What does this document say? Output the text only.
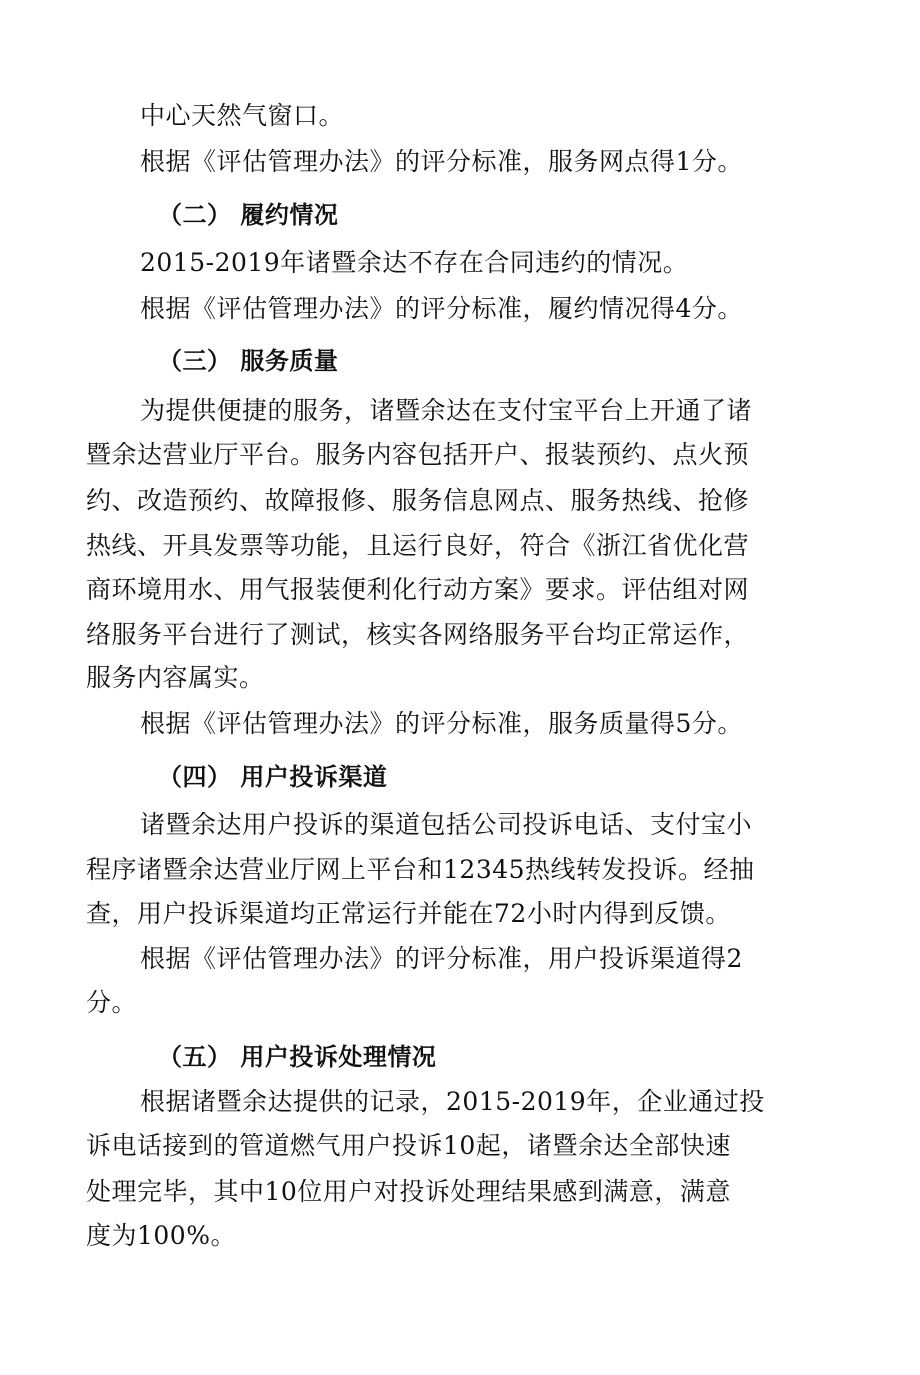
中心天然气窗口。
根据《评估管理办法》的评分标准，服务网点得1分。
（二） 履约情况
2015-2019年诸暨余达不存在合同违约的情况。
根据《评估管理办法》的评分标准，履约情况得4分。
（三） 服务质量
为提供便捷的服务，诸暨余达在支付宝平台上开通了诸
暨余达营业厅平台。服务内容包括开户、报装预约、点火预
约、改造预约、故障报修、服务信息网点、服务热线、抢修
热线、开具发票等功能，且运行良好，符合《浙江省优化营
商环境用水、用气报装便利化行动方案》要求。评估组对网
络服务平台进行了测试，核实各网络服务平台均正常运作，
服务内容属实。
根据《评估管理办法》的评分标准，服务质量得5分。
（四） 用户投诉渠道
诸暨余达用户投诉的渠道包括公司投诉电话、支付宝小
程序诸暨余达营业厅网上平台和12345热线转发投诉。经抽
查，用户投诉渠道均正常运行并能在72小时内得到反馈。
根据《评估管理办法》的评分标准，用户投诉渠道得2
分。
（五） 用户投诉处理情况
根据诸暨余达提供的记录，2015-2019年，企业通过投
诉电话接到的管道燃气用户投诉10起，诸暨余达全部快速
处理完毕，其中10位用户对投诉处理结果感到满意，满意
度为100%。
